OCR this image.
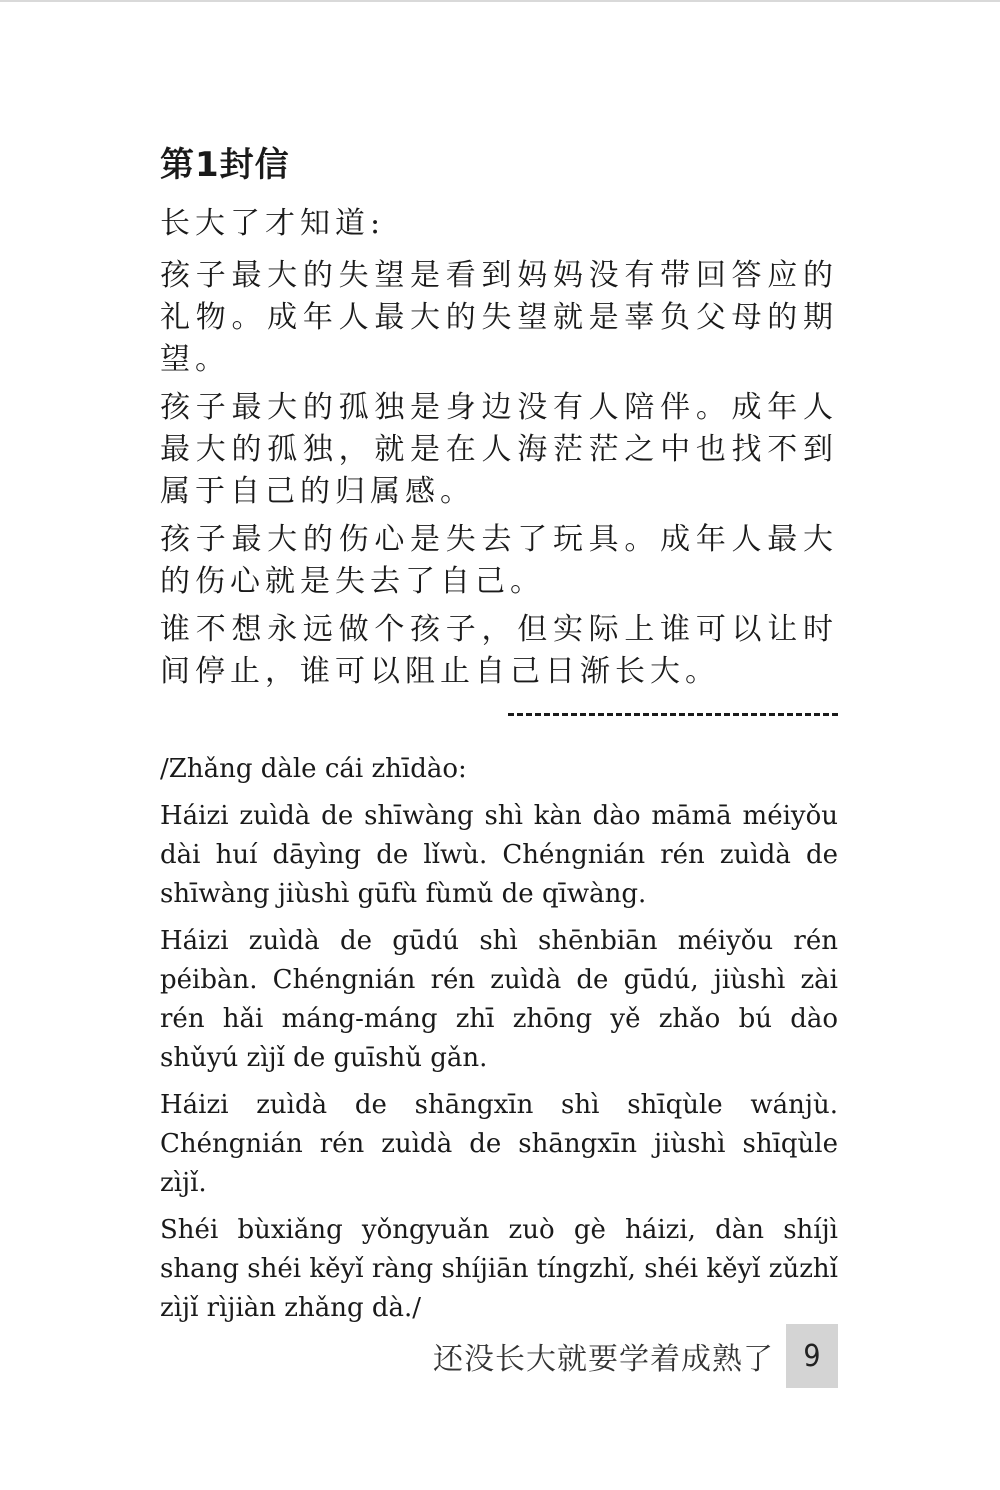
第1封信

长大了才知道:

孩子最大的失望是看到妈妈没有带回答应的礼物。成年人最大的失望就是辜负父母的期望。

孩子最大的孤独是身边没有人陪伴。成年人最大的孤独，就是在人海茫茫之中也找不到属于自己的归属感。

孩子最大的伤心是失去了玩具。成年人最大的伤心就是失去了自己。

谁不想永远做个孩子，但实际上谁可以让时间停止，谁可以阻止自己日渐长大。

/Zhǎng dàle cái zhīdào:

Háizi zuìdà de shīwàng shì kàn dào māmā méiyǒu dài huí dāyìng de lǐwù. Chéngnián rén zuìdà de shīwàng jiùshì gūfù fùmǔ de qīwàng.

Háizi zuìdà de gūdú shì shēnbiān méiyǒu rén péibàn. Chéngnián rén zuìdà de gūdú, jiùshì zài rén hǎi máng-máng zhī zhōng yě zhǎo bú dào shǔyú zìjǐ de guīshǔ gǎn.

Háizi zuìdà de shāngxīn shì shīqùle wánjù. Chéngnián rén zuìdà de shāngxīn jiùshì shīqùle zìjǐ.

Shéi bùxiǎng yǒngyuǎn zuò gè háizi, dàn shíjì shang shéi kěyǐ ràng shíjiān tíngzhǐ, shéi kěyǐ zǔzhǐ zìjǐ rìjiàn zhǎng dà./

还没长大就要学着成熟了 9
